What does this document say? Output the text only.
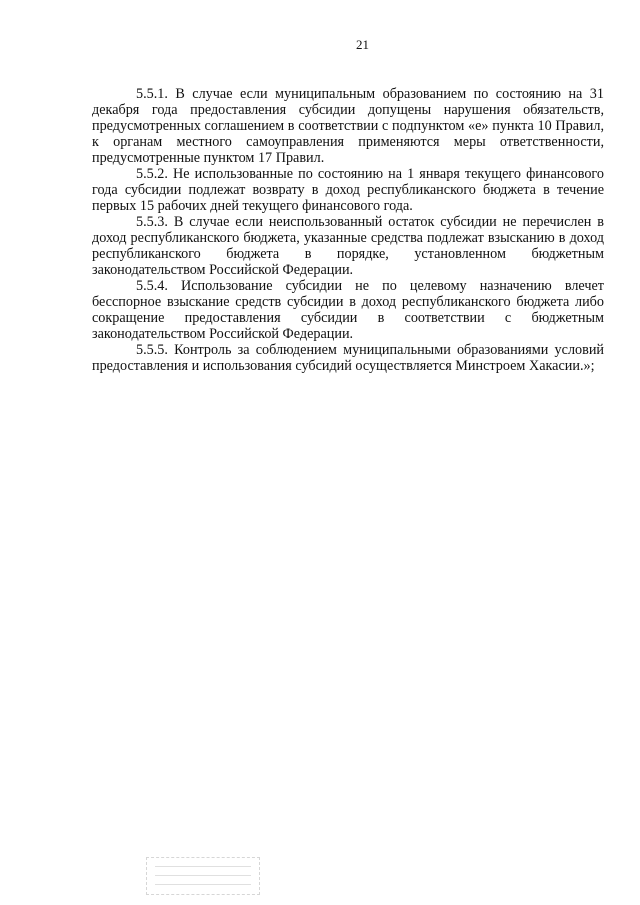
21

5.5.1. В случае если муниципальным образованием по состоянию на 31 декабря года предоставления субсидии допущены нарушения обязательств, предусмотренных соглашением в соответствии с подпунктом «е» пункта 10 Правил, к органам местного самоуправления применяются меры ответственности, предусмотренные пунктом 17 Правил.

5.5.2. Не использованные по состоянию на 1 января текущего финансового года субсидии подлежат возврату в доход республиканского бюджета в течение первых 15 рабочих дней текущего финансового года.

5.5.3. В случае если неиспользованный остаток субсидии не перечислен в доход республиканского бюджета, указанные средства подлежат взысканию в доход республиканского бюджета в порядке, установленном бюджетным законодательством Российской Федерации.

5.5.4. Использование субсидии не по целевому назначению влечет бесспорное взыскание средств субсидии в доход республиканского бюджета либо сокращение предоставления субсидии в соответствии с бюджетным законодательством Российской Федерации.

5.5.5. Контроль за соблюдением муниципальными образованиями условий предоставления и использования субсидий осуществляется Минстроем Хакасии.»;
